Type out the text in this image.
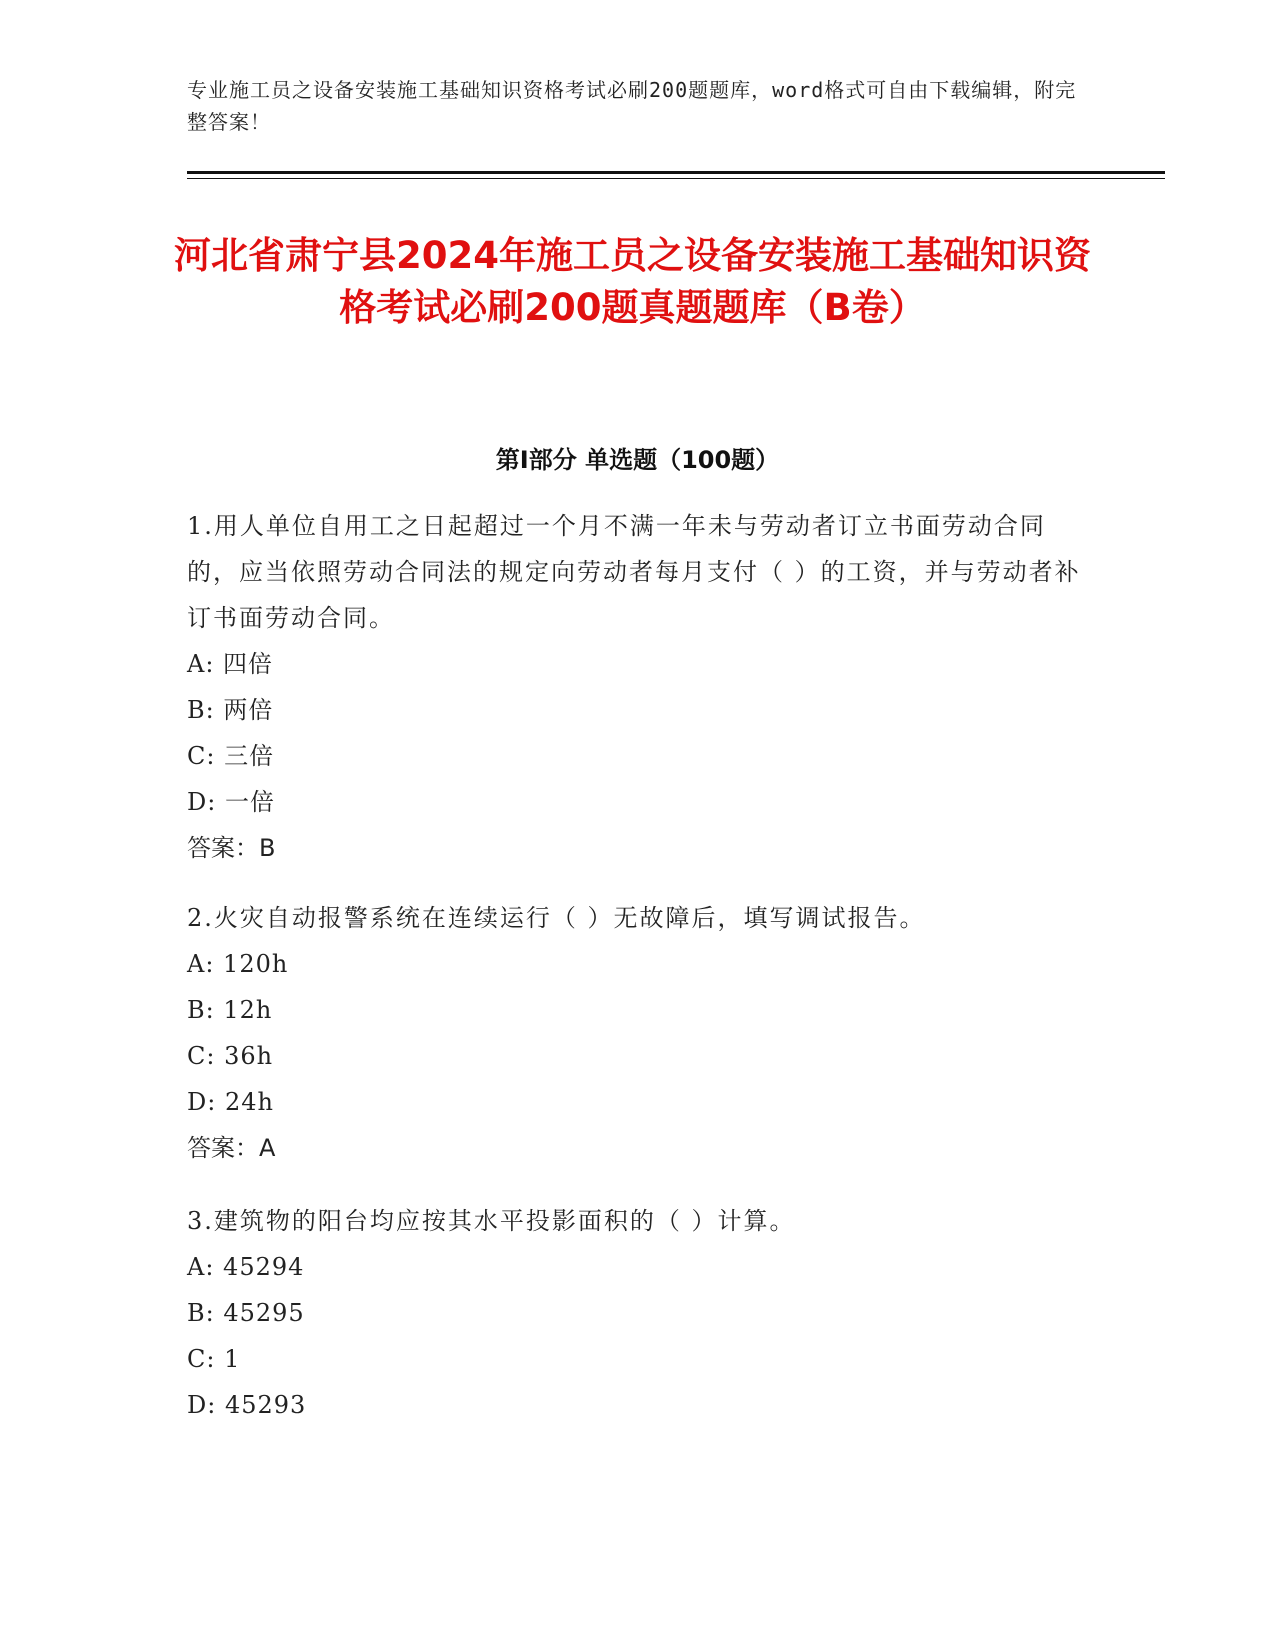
专业施工员之设备安装施工基础知识资格考试必刷200题题库，word格式可自由下载编辑，附完整答案！
河北省肃宁县2024年施工员之设备安装施工基础知识资格考试必刷200题真题题库（B卷）
第Ⅰ部分 单选题（100题）
1.用人单位自用工之日起超过一个月不满一年未与劳动者订立书面劳动合同的，应当依照劳动合同法的规定向劳动者每月支付（ ）的工资，并与劳动者补订书面劳动合同。
A: 四倍
B: 两倍
C: 三倍
D: 一倍
答案：B
2.火灾自动报警系统在连续运行（ ）无故障后，填写调试报告。
A: 120h
B: 12h
C: 36h
D: 24h
答案：A
3.建筑物的阳台均应按其水平投影面积的（ ）计算。
A: 45294
B: 45295
C: 1
D: 45293
